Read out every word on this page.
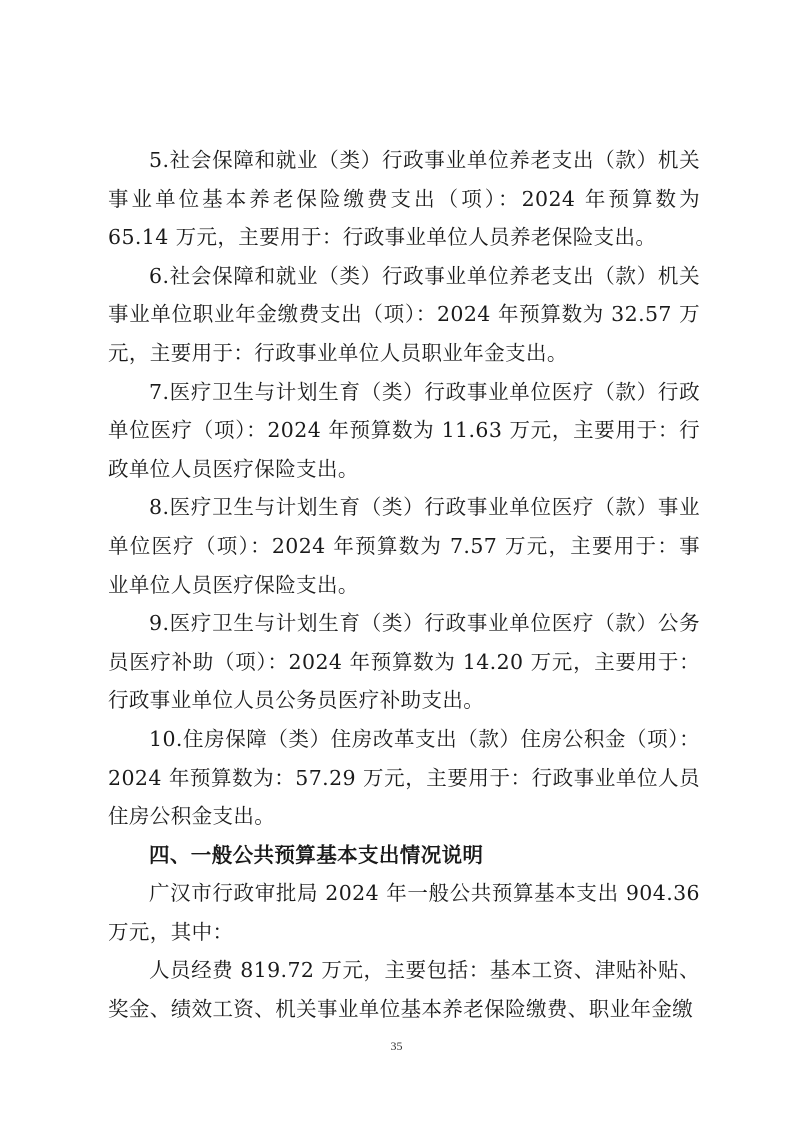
5.社会保障和就业（类）行政事业单位养老支出（款）机关事业单位基本养老保险缴费支出（项）：2024 年预算数为 65.14 万元，主要用于：行政事业单位人员养老保险支出。

6.社会保障和就业（类）行政事业单位养老支出（款）机关事业单位职业年金缴费支出（项）：2024 年预算数为 32.57 万元，主要用于：行政事业单位人员职业年金支出。

7.医疗卫生与计划生育（类）行政事业单位医疗（款）行政单位医疗（项）：2024 年预算数为 11.63 万元，主要用于：行政单位人员医疗保险支出。

8.医疗卫生与计划生育（类）行政事业单位医疗（款）事业单位医疗（项）：2024 年预算数为 7.57 万元，主要用于：事业单位人员医疗保险支出。

9.医疗卫生与计划生育（类）行政事业单位医疗（款）公务员医疗补助（项）：2024 年预算数为 14.20 万元，主要用于：行政事业单位人员公务员医疗补助支出。

10.住房保障（类）住房改革支出（款）住房公积金（项）：2024 年预算数为：57.29 万元，主要用于：行政事业单位人员住房公积金支出。

四、一般公共预算基本支出情况说明

广汉市行政审批局 2024 年一般公共预算基本支出 904.36 万元，其中：

人员经费 819.72 万元，主要包括：基本工资、津贴补贴、奖金、绩效工资、机关事业单位基本养老保险缴费、职业年金缴

35
